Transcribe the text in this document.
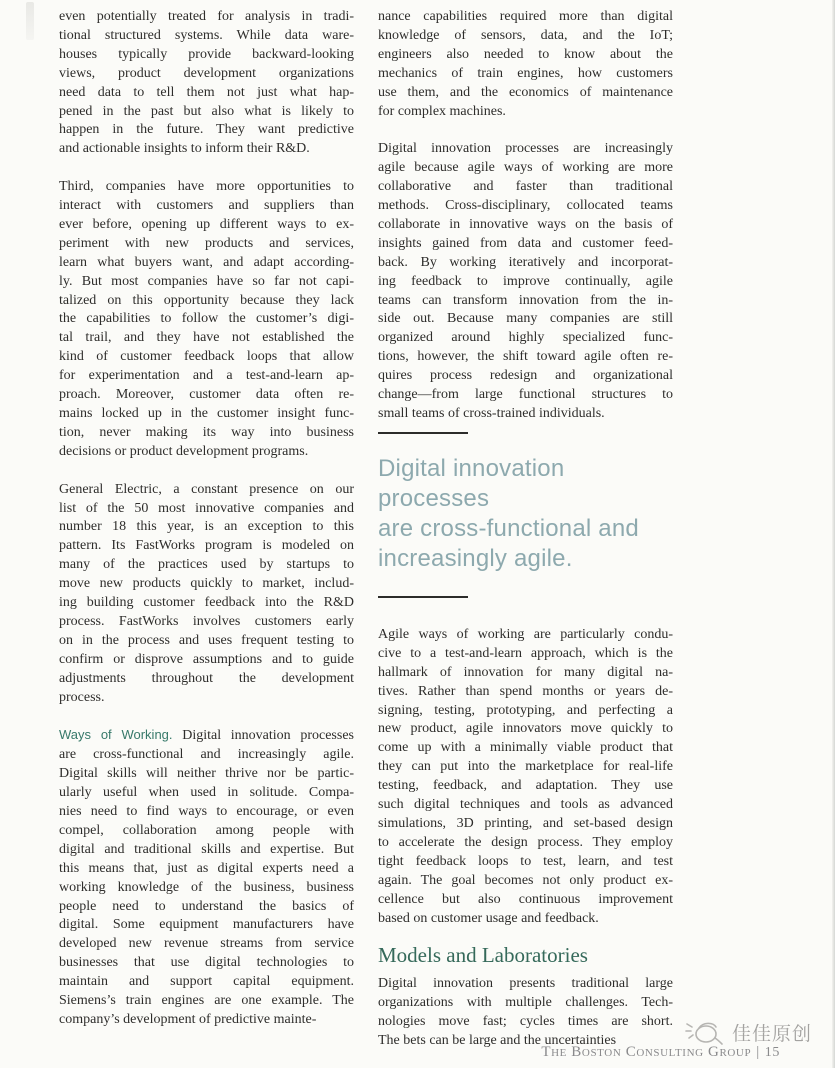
even potentially treated for analysis in tradi-
tional structured systems. While data ware-
houses typically provide backward-looking
views, product development organizations
need data to tell them not just what hap-
pened in the past but also what is likely to
happen in the future. They want predictive
and actionable insights to inform their R&D.
Third, companies have more opportunities to
interact with customers and suppliers than
ever before, opening up different ways to ex-
periment with new products and services,
learn what buyers want, and adapt according-
ly. But most companies have so far not capi-
talized on this opportunity because they lack
the capabilities to follow the customer’s digi-
tal trail, and they have not established the
kind of customer feedback loops that allow
for experimentation and a test-and-learn ap-
proach. Moreover, customer data often re-
mains locked up in the customer insight func-
tion, never making its way into business
decisions or product development programs.
General Electric, a constant presence on our
list of the 50 most innovative companies and
number 18 this year, is an exception to this
pattern. Its FastWorks program is modeled on
many of the practices used by startups to
move new products quickly to market, includ-
ing building customer feedback into the R&D
process. FastWorks involves customers early
on in the process and uses frequent testing to
confirm or disprove assumptions and to guide
adjustments throughout the development
process.
Ways of Working. Digital innovation processes
are cross-functional and increasingly agile.
Digital skills will neither thrive nor be partic-
ularly useful when used in solitude. Compa-
nies need to find ways to encourage, or even
compel, collaboration among people with
digital and traditional skills and expertise. But
this means that, just as digital experts need a
working knowledge of the business, business
people need to understand the basics of
digital. Some equipment manufacturers have
developed new revenue streams from service
businesses that use digital technologies to
maintain and support capital equipment.
Siemens’s train engines are one example. The
company’s development of predictive mainte-
nance capabilities required more than digital
knowledge of sensors, data, and the IoT;
engineers also needed to know about the
mechanics of train engines, how customers
use them, and the economics of maintenance
for complex machines.
Digital innovation processes are increasingly
agile because agile ways of working are more
collaborative and faster than traditional
methods. Cross-disciplinary, collocated teams
collaborate in innovative ways on the basis of
insights gained from data and customer feed-
back. By working iteratively and incorporat-
ing feedback to improve continually, agile
teams can transform innovation from the in-
side out. Because many companies are still
organized around highly specialized func-
tions, however, the shift toward agile often re-
quires process redesign and organizational
change—from large functional structures to
small teams of cross-trained individuals.
Digital innovation processes
are cross-functional and
increasingly agile.
Agile ways of working are particularly condu-
cive to a test-and-learn approach, which is the
hallmark of innovation for many digital na-
tives. Rather than spend months or years de-
signing, testing, prototyping, and perfecting a
new product, agile innovators move quickly to
come up with a minimally viable product that
they can put into the marketplace for real-life
testing, feedback, and adaptation. They use
such digital techniques and tools as advanced
simulations, 3D printing, and set-based design
to accelerate the design process. They employ
tight feedback loops to test, learn, and test
again. The goal becomes not only product ex-
cellence but also continuous improvement
based on customer usage and feedback.
Models and Laboratories
Digital innovation presents traditional large
organizations with multiple challenges. Tech-
nologies move fast; cycles times are short.
The bets can be large and the uncertainties	佳佳原创
The Boston Consulting Group | 15
